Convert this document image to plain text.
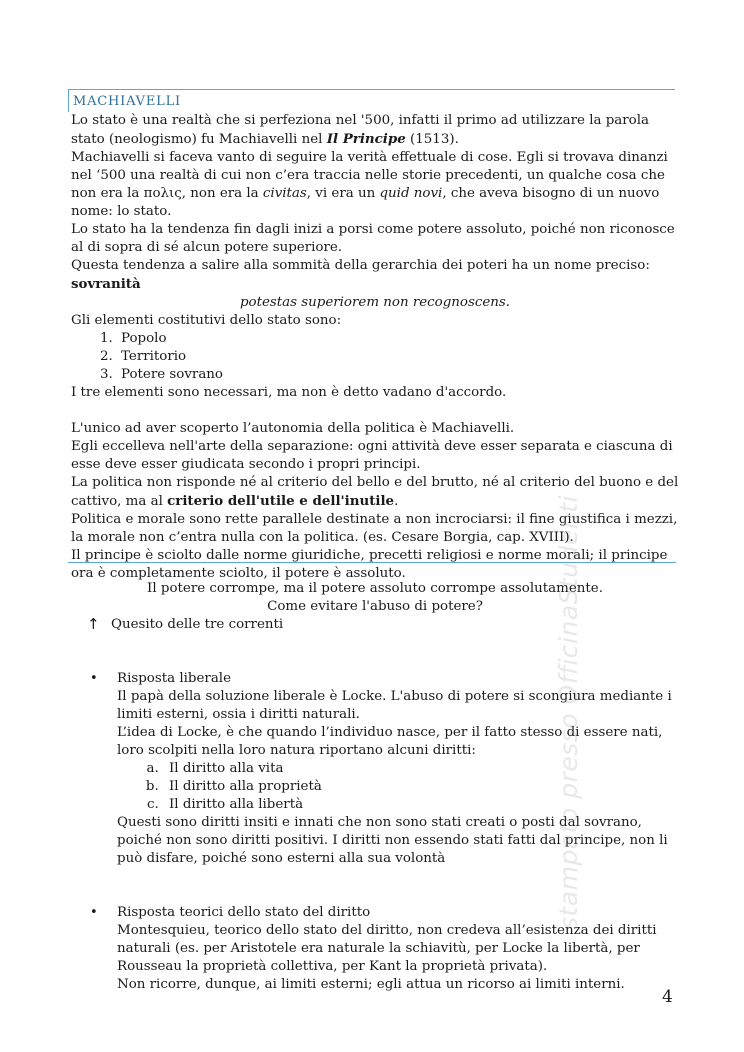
MACHIAVELLI

Lo stato è una realtà che si perfeziona nel '500, infatti il primo ad utilizzare la parola stato (neologismo) fu Machiavelli nel Il Principe (1513).

Machiavelli si faceva vanto di seguire la verità effettuale di cose. Egli si trovava dinanzi nel ‘500 una realtà di cui non c’era traccia nelle storie precedenti, un qualche cosa che non era la πολις, non era la civitas, vi era un quid novi, che aveva bisogno di un nuovo nome: lo stato.

Lo stato ha la tendenza fin dagli inizi a porsi come potere assoluto, poiché non riconosce al di sopra di sé alcun potere superiore.

Questa tendenza a salire alla sommità della gerarchia dei poteri ha un nome preciso:

sovranità

potestas superiorem non recognoscens.

Gli elementi costitutivi dello stato sono:

1. Popolo
2. Territorio
3. Potere sovrano

I tre elementi sono necessari, ma non è detto vadano d'accordo.

L'unico ad aver scoperto l’autonomia della politica è Machiavelli.

Egli eccelleva nell'arte della separazione: ogni attività deve esser separata e ciascuna di esse deve esser giudicata secondo i propri principi.

La politica non risponde né al criterio del bello e del brutto, né al criterio del buono e del cattivo, ma al criterio dell'utile e dell'inutile.

Politica e morale sono rette parallele destinate a non incrociarsi: il fine giustifica i mezzi, la morale non c’entra nulla con la politica. (es. Cesare Borgia, cap. XVIII).

Il principe è sciolto dalle norme giuridiche, precetti religiosi e norme morali; il principe ora è completamente sciolto, il potere è assoluto.

Il potere corrompe, ma il potere assoluto corrompe assolutamente.

Come evitare l'abuso di potere?

↑ Quesito delle tre correnti

• Risposta liberale

Il papà della soluzione liberale è Locke. L'abuso di potere si scongiura mediante i limiti esterni, ossia i diritti naturali.

L’idea di Locke, è che quando l’individuo nasce, per il fatto stesso di essere nati, loro scolpiti nella loro natura riportano alcuni diritti:

a. Il diritto alla vita
b. Il diritto alla proprietà
c. Il diritto alla libertà

Questi sono diritti insiti e innati che non sono stati creati o posti dal sovrano, poiché non sono diritti positivi. I diritti non essendo stati fatti dal principe, non li può disfare, poiché sono esterni alla sua volontà

• Risposta teorici dello stato del diritto

Montesquieu, teorico dello stato del diritto, non credeva all’esistenza dei diritti naturali (es. per Aristotele era naturale la schiavitù, per Locke la libertà, per Rousseau la proprietà collettiva, per Kant la proprietà privata).

Non ricorre, dunque, ai limiti esterni; egli attua un ricorso ai limiti interni.

stampato presso OfficinaStudenti
4
